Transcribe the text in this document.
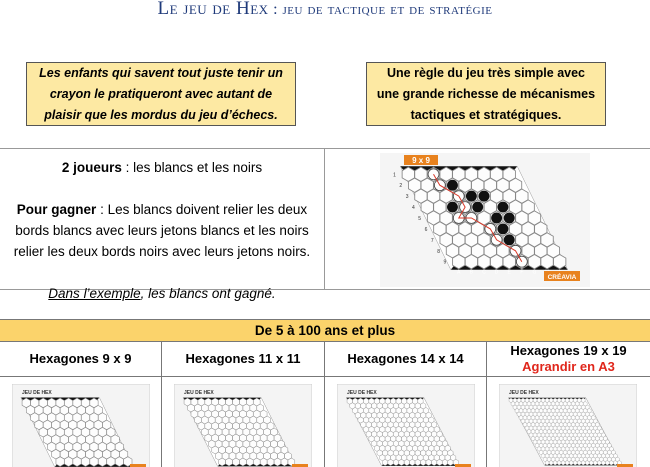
Le jeu de Hex : jeu de tactique et de stratégie
Les enfants qui savent tout juste tenir un crayon le pratiqueront avec autant de plaisir que les mordus du jeu d’échecs.
Une règle du jeu très simple avec une grande richesse de mécanismes tactiques et stratégiques.

2 joueurs : les blancs et les noirs

Pour gagner : Les blancs doivent relier les deux bords blancs avec leurs jetons blancs et les noirs relier les deux bords noirs avec leurs jetons noirs.

Dans l’exemple, les blancs ont gagné.

9 x 9
1
2
3
4
5
6
7
8
9
A B C D E F G
CRÉAVIA
De 5 à 100 ans et plus
Hexagones 9 x 9
JEU DE HEX
Hexagones 11 x 11
JEU DE HEX
Hexagones 14 x 14
JEU DE HEX
Hexagones 19 x 19
Agrandir en A3
JEU DE HEX
